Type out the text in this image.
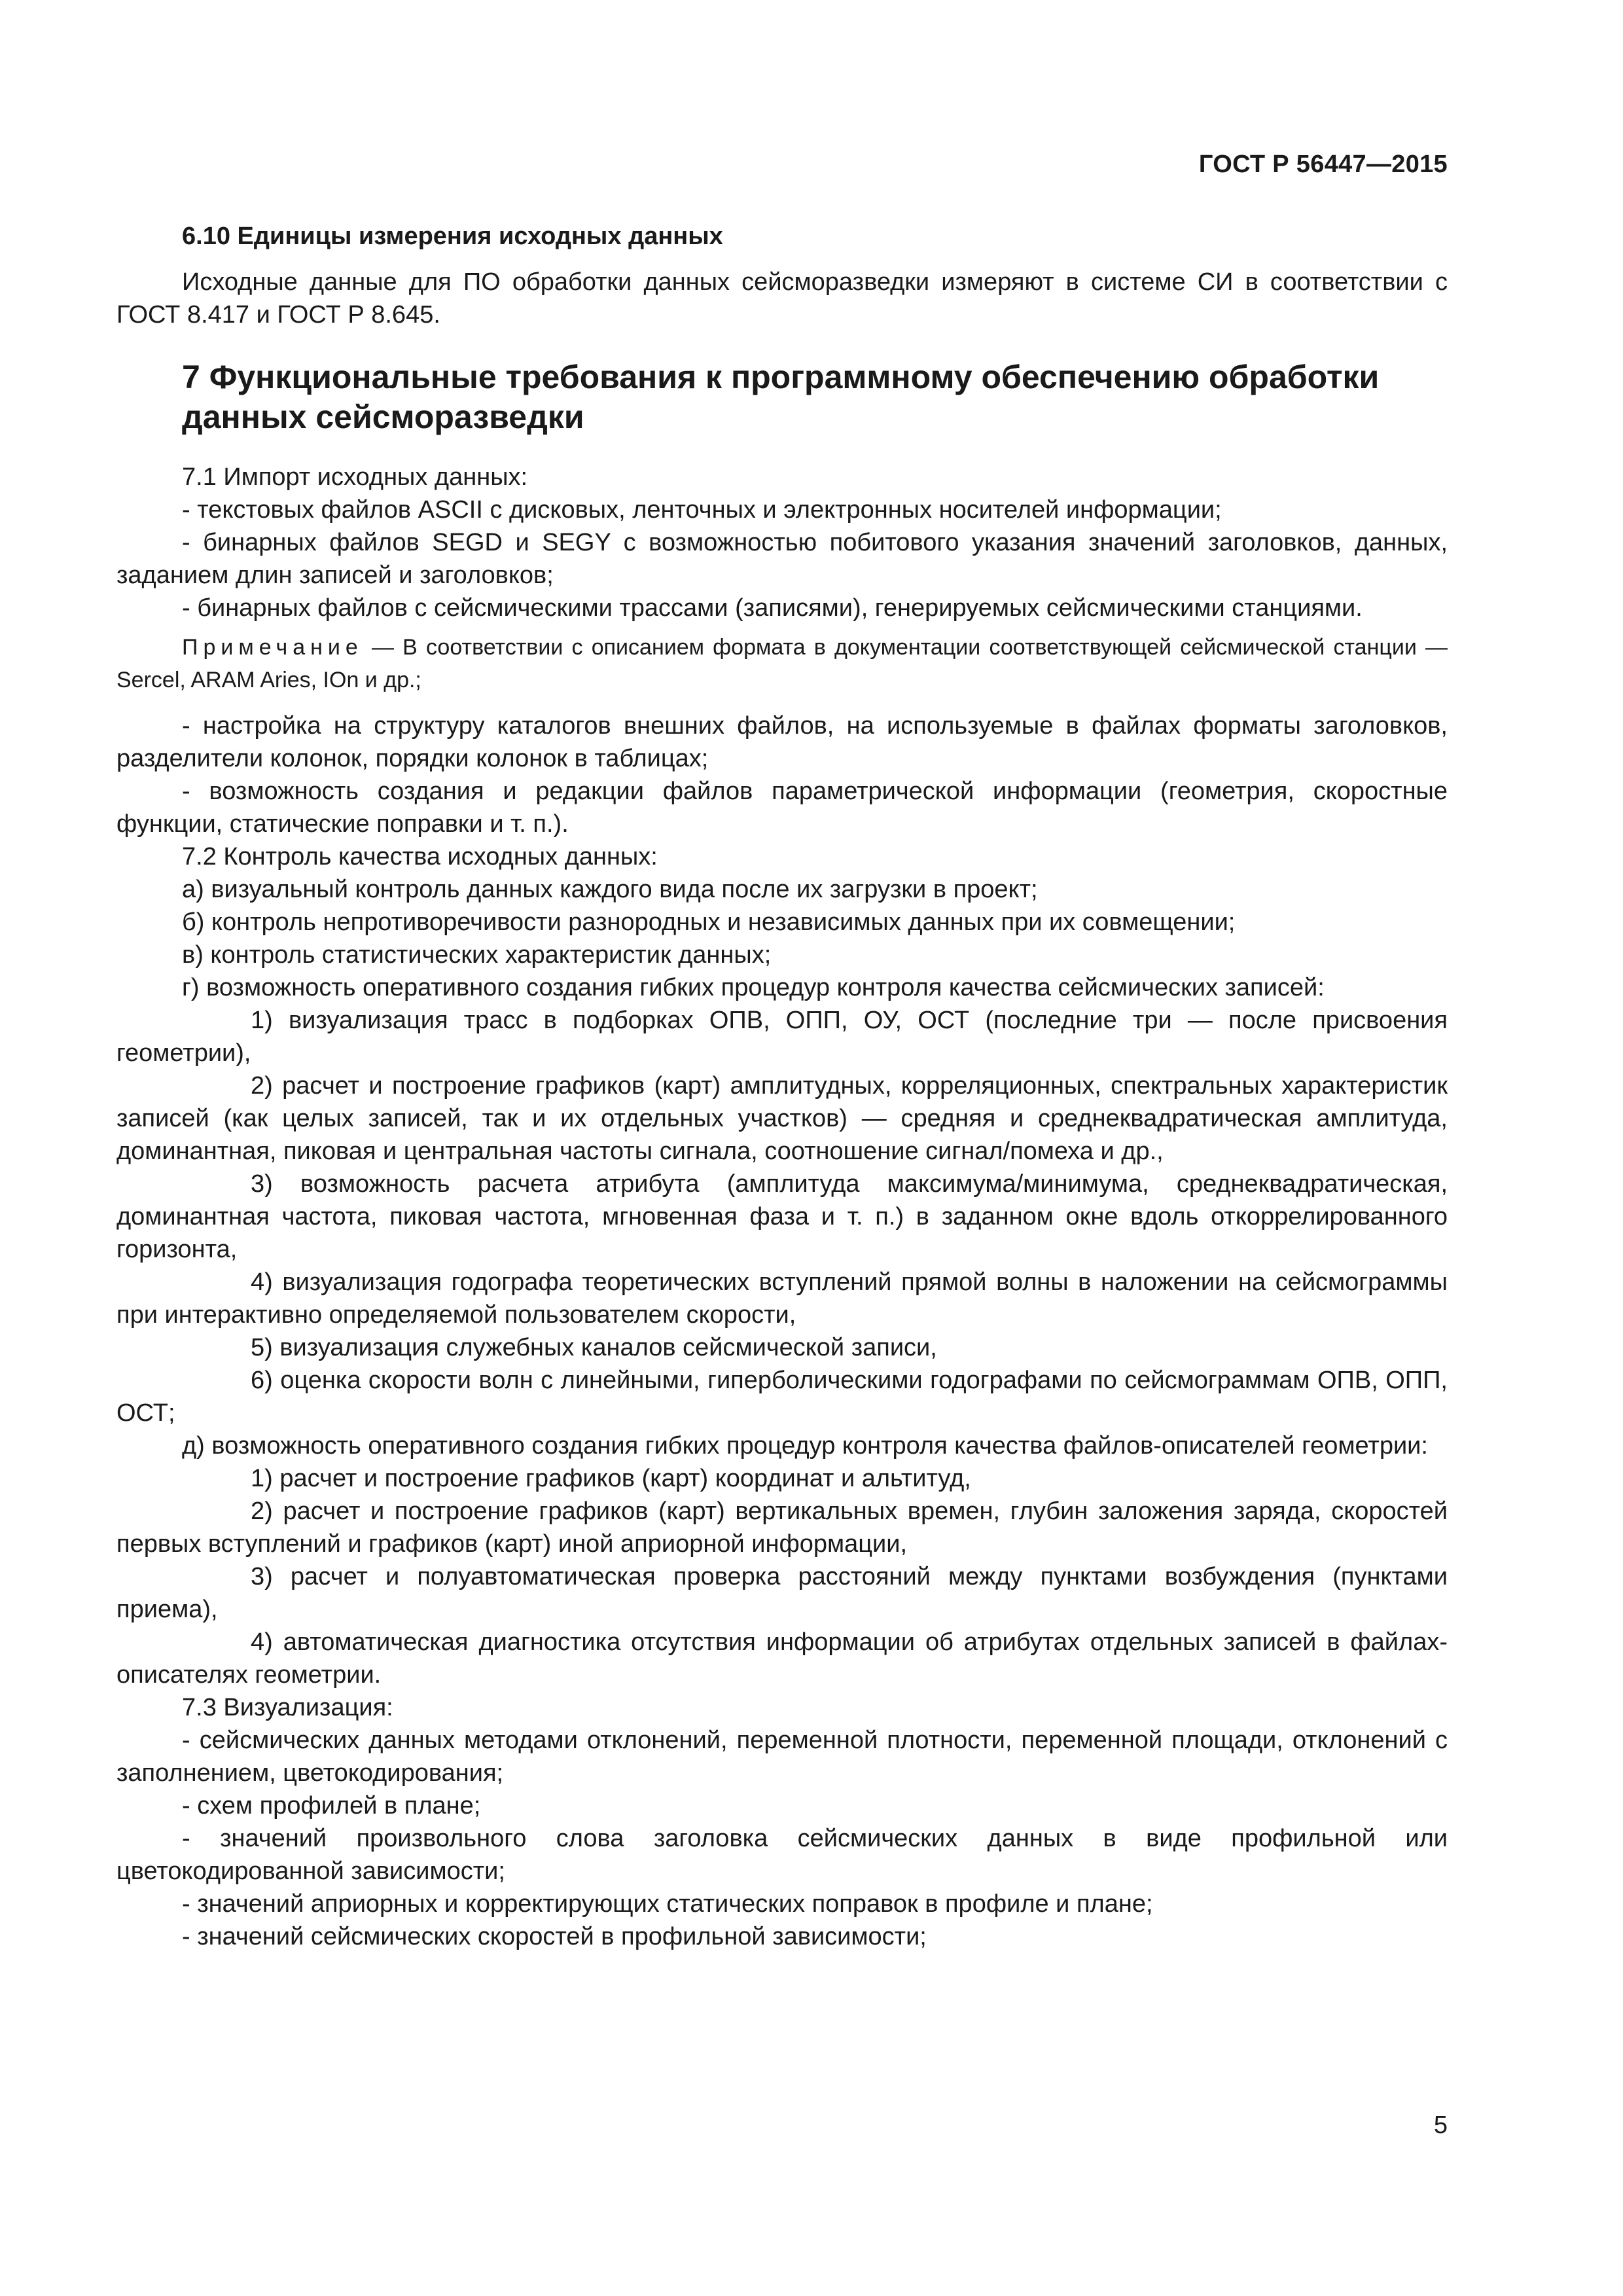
ГОСТ Р 56447—2015

6.10 Единицы измерения исходных данных

Исходные данные для ПО обработки данных сейсморазведки измеряют в системе СИ в соответствии с ГОСТ 8.417 и ГОСТ Р 8.645.

7 Функциональные требования к программному обеспечению обработки данных сейсморазведки

7.1 Импорт исходных данных:

- текстовых файлов ASCII с дисковых, ленточных и электронных носителей информации;

- бинарных файлов SEGD и SEGY с возможностью побитового указания значений заголовков, данных, заданием длин записей и заголовков;

- бинарных файлов с сейсмическими трассами (записями), генерируемых сейсмическими станциями.

Примечание — В соответствии с описанием формата в документации соответствующей сейсмической станции — Sercel, ARAM Aries, IOn и др.;

- настройка на структуру каталогов внешних файлов, на используемые в файлах форматы заголовков, разделители колонок, порядки колонок в таблицах;

- возможность создания и редакции файлов параметрической информации (геометрия, скоростные функции, статические поправки и т. п.).

7.2 Контроль качества исходных данных:

а) визуальный контроль данных каждого вида после их загрузки в проект;

б) контроль непротиворечивости разнородных и независимых данных при их совмещении;

в) контроль статистических характеристик данных;

г) возможность оперативного создания гибких процедур контроля качества сейсмических записей:

1) визуализация трасс в подборках ОПВ, ОПП, ОУ, ОСТ (последние три — после присвоения геометрии),

2) расчет и построение графиков (карт) амплитудных, корреляционных, спектральных характеристик записей (как целых записей, так и их отдельных участков) — средняя и среднеквадратическая амплитуда, доминантная, пиковая и центральная частоты сигнала, соотношение сигнал/помеха и др.,

3) возможность расчета атрибута (амплитуда максимума/минимума, среднеквадратическая, доминантная частота, пиковая частота, мгновенная фаза и т. п.) в заданном окне вдоль откоррелированного горизонта,

4) визуализация годографа теоретических вступлений прямой волны в наложении на сейсмограммы при интерактивно определяемой пользователем скорости,

5) визуализация служебных каналов сейсмической записи,

6) оценка скорости волн с линейными, гиперболическими годографами по сейсмограммам ОПВ, ОПП, ОСТ;

д) возможность оперативного создания гибких процедур контроля качества файлов-описателей геометрии:

1) расчет и построение графиков (карт) координат и альтитуд,

2) расчет и построение графиков (карт) вертикальных времен, глубин заложения заряда, скоростей первых вступлений и графиков (карт) иной априорной информации,

3) расчет и полуавтоматическая проверка расстояний между пунктами возбуждения (пунктами приема),

4) автоматическая диагностика отсутствия информации об атрибутах отдельных записей в файлах-описателях геометрии.

7.3 Визуализация:

- сейсмических данных методами отклонений, переменной плотности, переменной площади, отклонений с заполнением, цветокодирования;

- схем профилей в плане;

- значений произвольного слова заголовка сейсмических данных в виде профильной или цветокодированной зависимости;

- значений априорных и корректирующих статических поправок в профиле и плане;

- значений сейсмических скоростей в профильной зависимости;

5
